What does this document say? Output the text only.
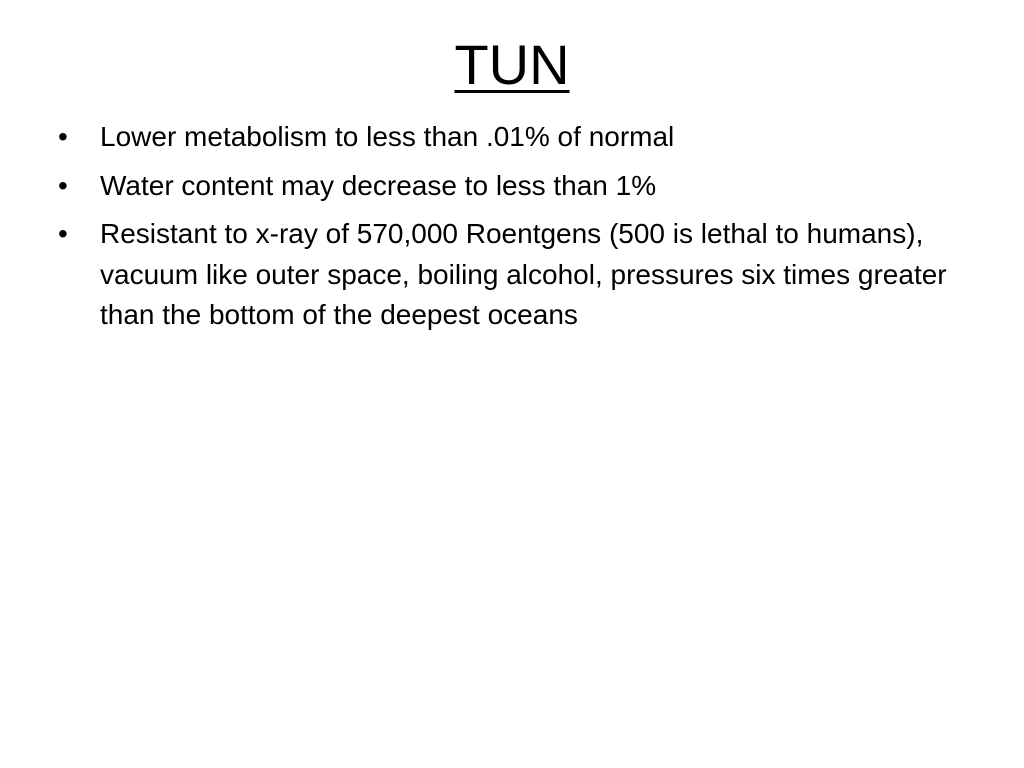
TUN
•	Lower metabolism to less than .01% of normal
•	Water content may decrease to less than 1%
•	Resistant to x-ray of 570,000 Roentgens (500 is lethal to humans), vacuum like outer space, boiling alcohol, pressures six times greater than the bottom of the deepest oceans
